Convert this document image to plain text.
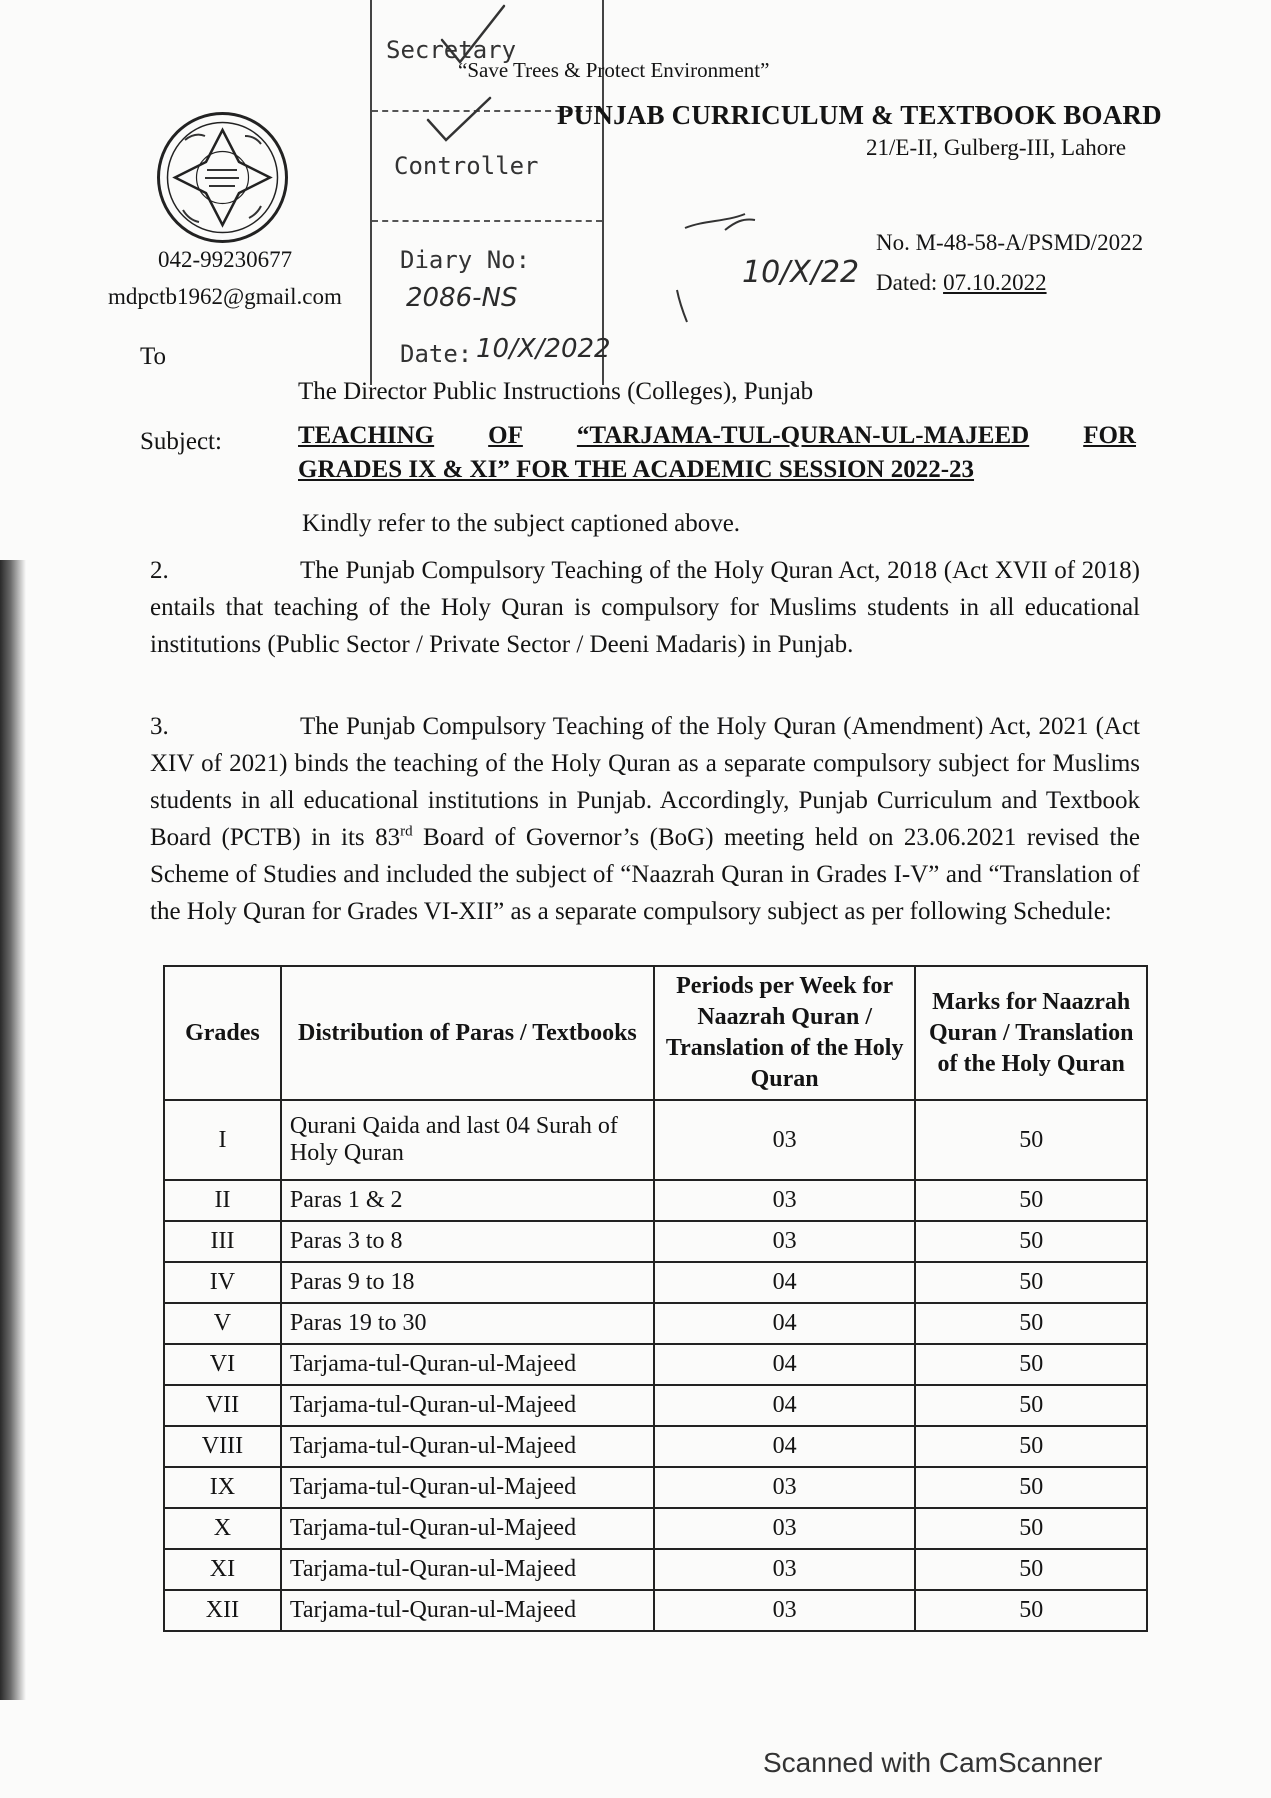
Secretary
Controller
Diary No:
2086-NS
Date: 10/X/2022
10/X/22
“Save Trees & Protect Environment”
PUNJAB CURRICULUM & TEXTBOOK BOARD
21/E-II, Gulberg-III, Lahore
042-99230677
mdpctb1962@gmail.com
No. M-48-58-A/PSMD/2022
Dated: 07.10.2022
To
The Director Public Instructions (Colleges), Punjab
Subject:	TEACHING OF “TARJAMA-TUL-QURAN-UL-MAJEED FOR
GRADES IX & XI” FOR THE ACADEMIC SESSION 2022-23
Kindly refer to the subject captioned above.
2.	The Punjab Compulsory Teaching of the Holy Quran Act, 2018 (Act XVII of 2018) entails that teaching of the Holy Quran is compulsory for Muslims students in all educational institutions (Public Sector / Private Sector / Deeni Madaris) in Punjab.
3.	The Punjab Compulsory Teaching of the Holy Quran (Amendment) Act, 2021 (Act XIV of 2021) binds the teaching of the Holy Quran as a separate compulsory subject for Muslims students in all educational institutions in Punjab. Accordingly, Punjab Curriculum and Textbook Board (PCTB) in its 83rd Board of Governor’s (BoG) meeting held on 23.06.2021 revised the Scheme of Studies and included the subject of “Naazrah Quran in Grades I-V” and “Translation of the Holy Quran for Grades VI-XII” as a separate compulsory subject as per following Schedule:
Grades	Distribution of Paras / Textbooks	Periods per Week for Naazrah Quran / Translation of the Holy Quran	Marks for Naazrah Quran / Translation of the Holy Quran
I	Qurani Qaida and last 04 Surah of Holy Quran	03	50
II	Paras 1 & 2	03	50
III	Paras 3 to 8	03	50
IV	Paras 9 to 18	04	50
V	Paras 19 to 30	04	50
VI	Tarjama-tul-Quran-ul-Majeed	04	50
VII	Tarjama-tul-Quran-ul-Majeed	04	50
VIII	Tarjama-tul-Quran-ul-Majeed	04	50
IX	Tarjama-tul-Quran-ul-Majeed	03	50
X	Tarjama-tul-Quran-ul-Majeed	03	50
XI	Tarjama-tul-Quran-ul-Majeed	03	50
XII	Tarjama-tul-Quran-ul-Majeed	03	50
Scanned with CamScanner
